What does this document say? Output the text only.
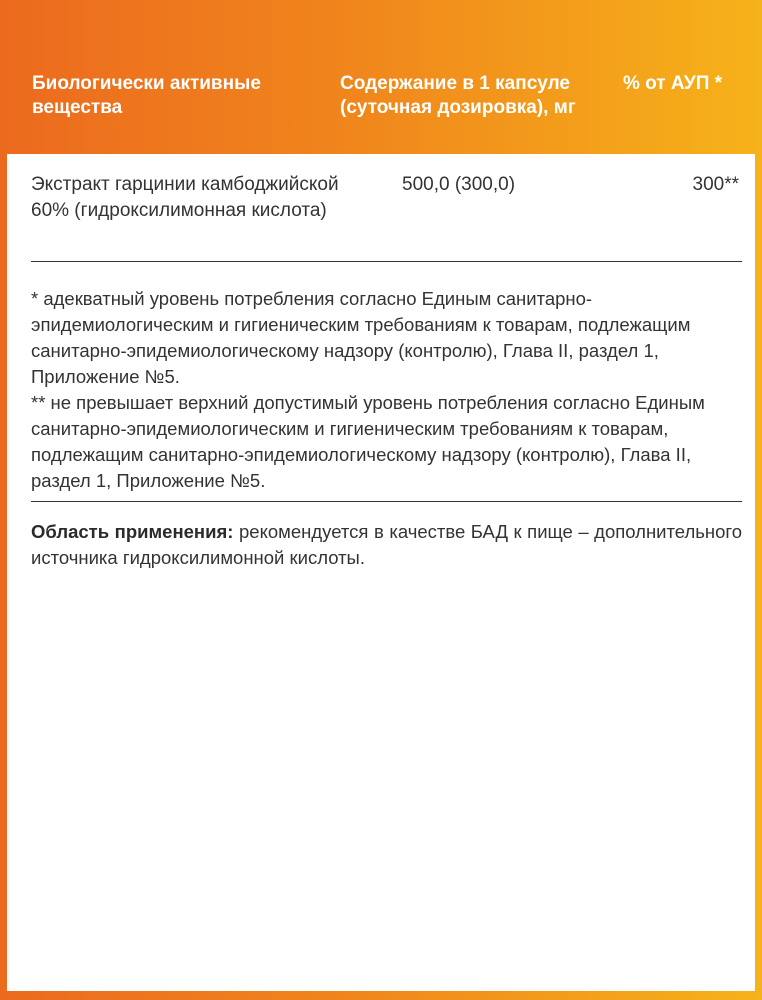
Биологически активные вещества
Содержание в 1 капсуле (суточная дозировка), мг
% от АУП *
Экстракт гарцинии камбоджийской 60% (гидроксилимонная кислота)
500,0 (300,0)	300**

* адекватный уровень потребления согласно Единым санитарно-эпидемиологическим и гигиеническим требованиям к товарам, подлежащим санитарно-эпидемиологическому надзору (контролю), Глава II, раздел 1, Приложение №5.

** не превышает верхний допустимый уровень потребления согласно Единым санитарно-эпидемиологическим и гигиеническим требованиям к товарам, подлежащим санитарно-эпидемиологическому надзору (контролю), Глава II, раздел 1, Приложение №5.

Область применения: рекомендуется в качестве БАД к пище – дополнительного источника гидроксилимонной кислоты.
